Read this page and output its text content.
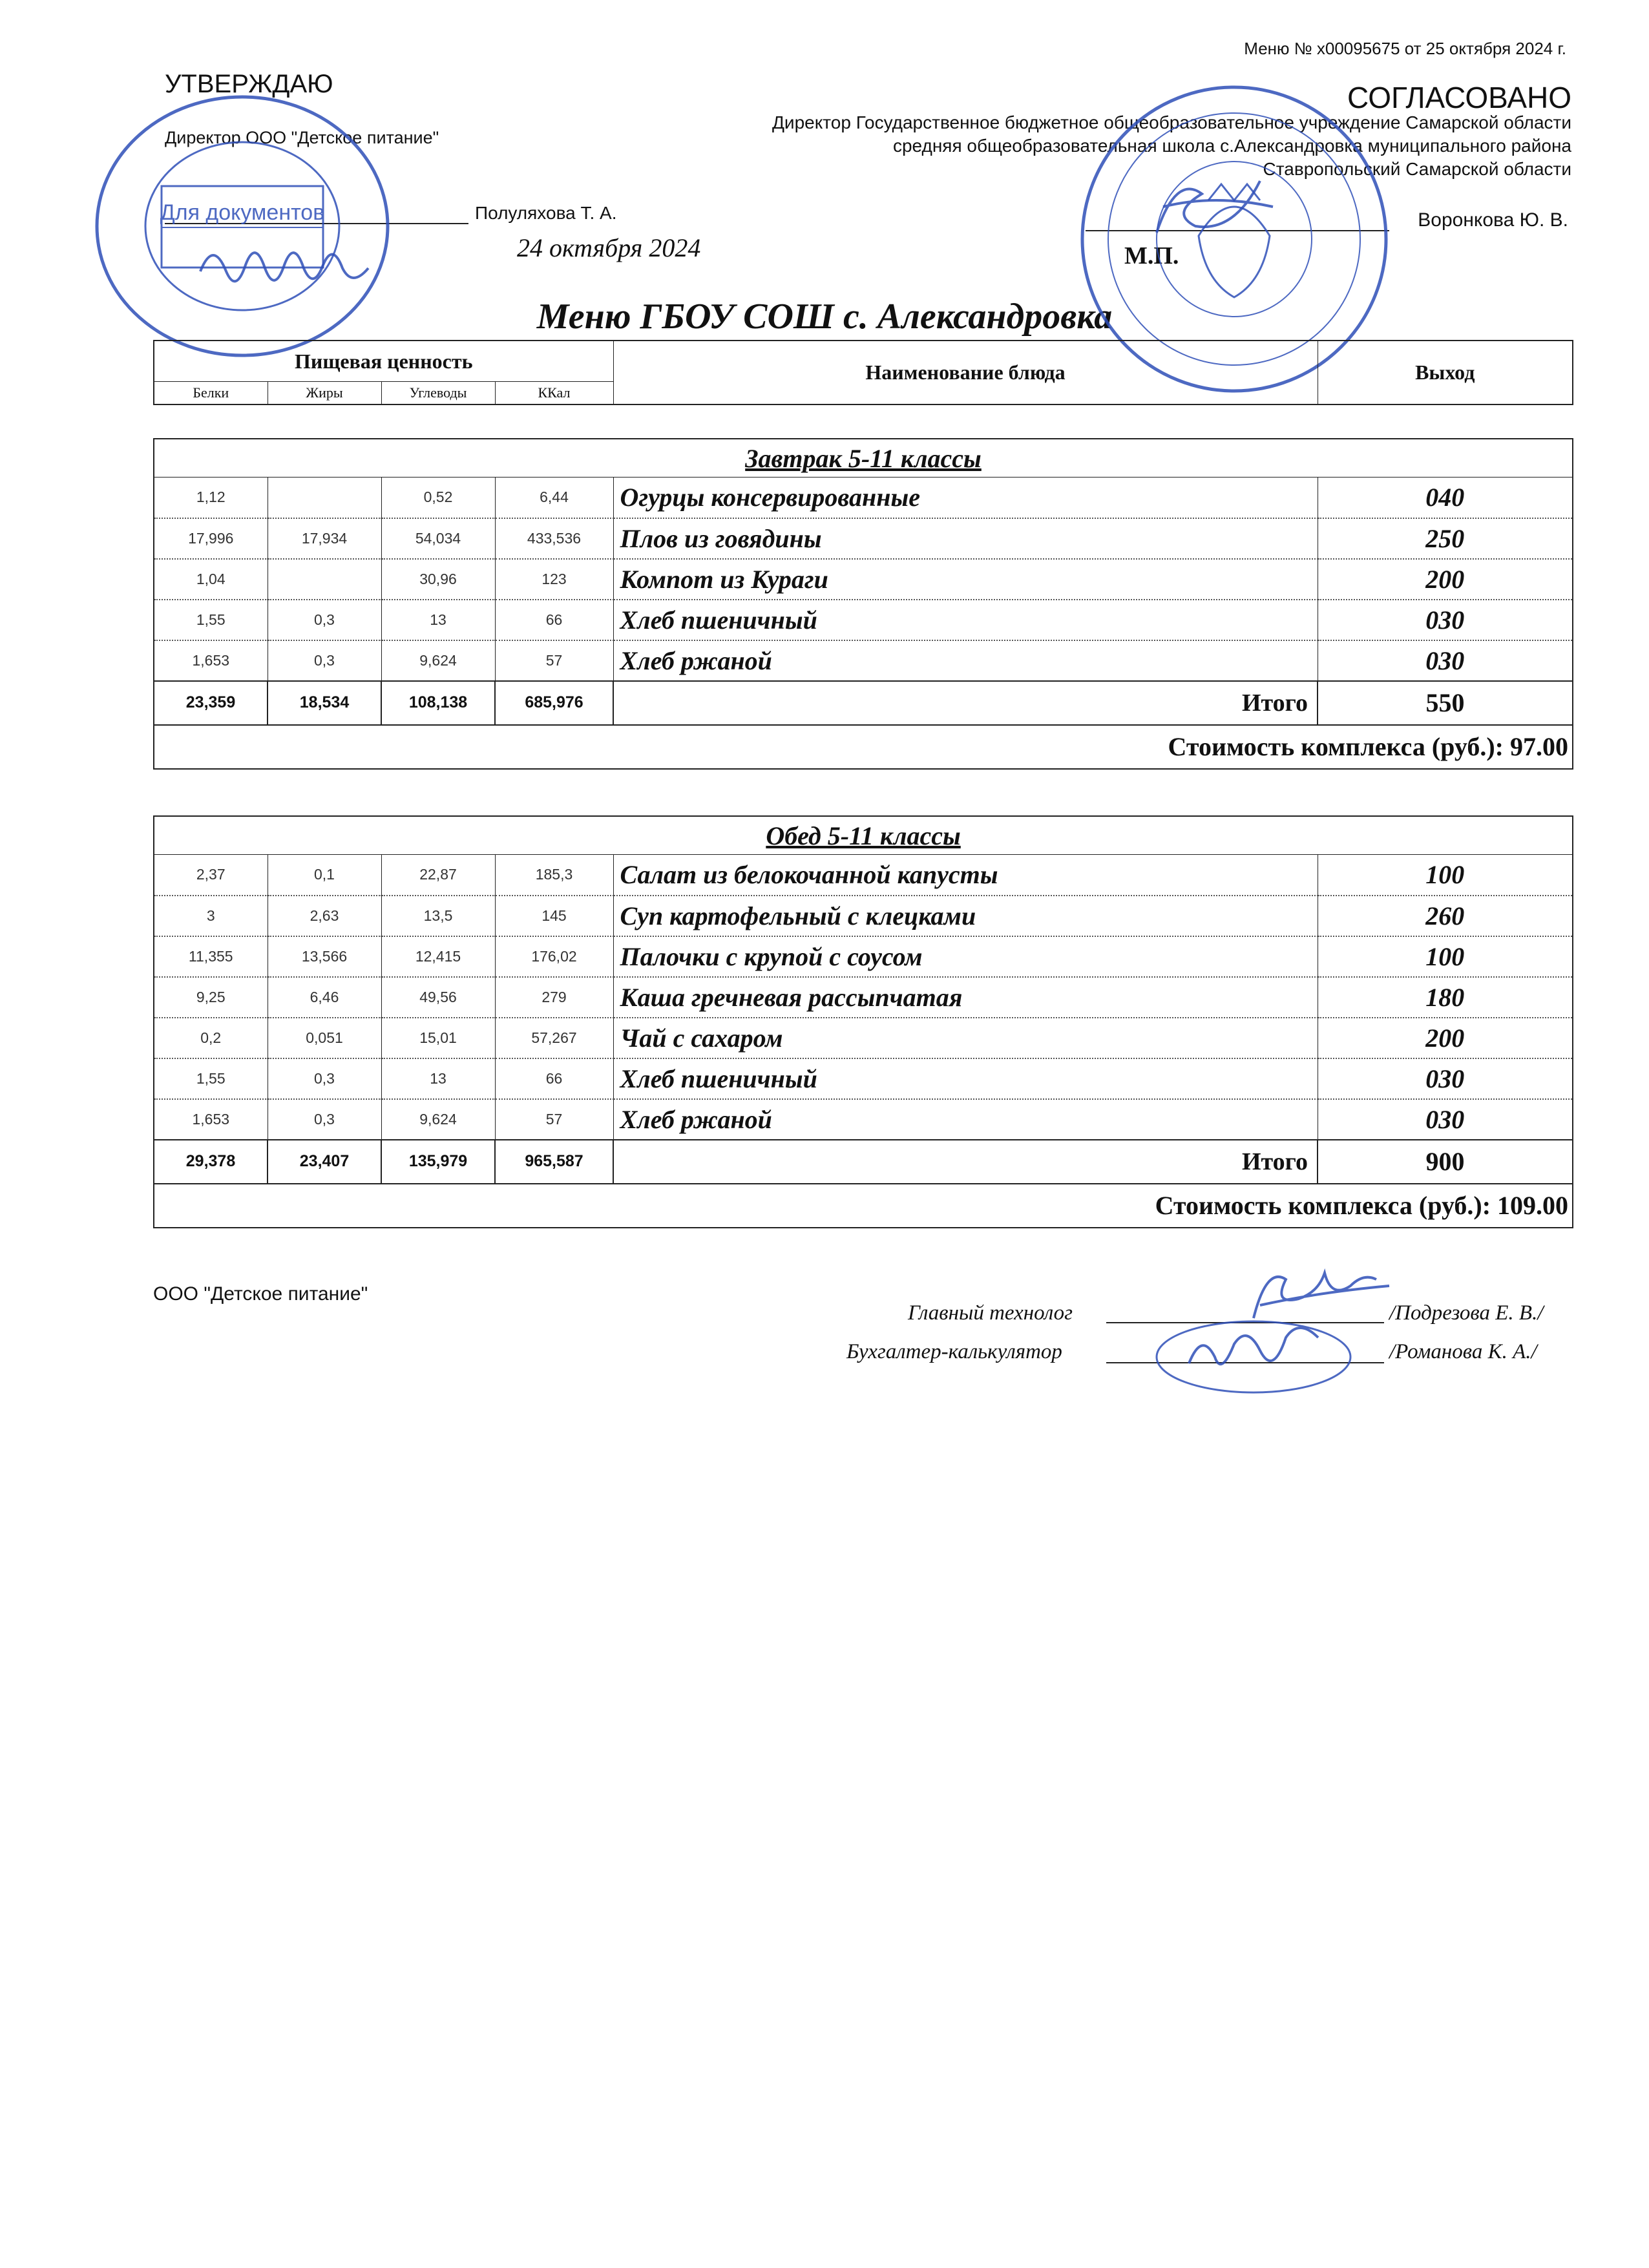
Меню № х00095675 от 25 октября 2024 г.
УТВЕРЖДАЮ
Директор ООО "Детское питание"
Полуляхова Т. А.
24 октября 2024
СОГЛАСОВАНО
Директор Государственное бюджетное общеобразовательное учреждение Самарской области средняя общеобразовательная школа с.Александровка муниципального района Ставропольский Самарской области
Воронкова Ю. В.
М.П.
Меню ГБОУ СОШ с. Александровка
Для документов
Пищевая ценность				Наименование блюда	Выход
Белки	Жиры	Углеводы	ККал		
Завтрак 5-11 классы					
1,12		0,52	6,44	Огурцы консервированные	040
17,996	17,934	54,034	433,536	Плов из говядины	250
1,04		30,96	123	Компот из Кураги	200
1,55	0,3	13	66	Хлеб пшеничный	030
1,653	0,3	9,624	57	Хлеб ржаной	030
23,359	18,534	108,138	685,976	Итого	550
Стоимость комплекса (руб.): 97.00					
Обед 5-11 классы					
2,37	0,1	22,87	185,3	Салат из белокочанной капусты	100
3	2,63	13,5	145	Суп картофельный с клецками	260
11,355	13,566	12,415	176,02	Палочки с крупой с соусом	100
9,25	6,46	49,56	279	Каша гречневая рассыпчатая	180
0,2	0,051	15,01	57,267	Чай с сахаром	200
1,55	0,3	13	66	Хлеб пшеничный	030
1,653	0,3	9,624	57	Хлеб ржаной	030
29,378	23,407	135,979	965,587	Итого	900
Стоимость комплекса (руб.): 109.00					
ООО "Детское питание"
Главный технолог	/Подрезова Е. В./
Бухгалтер-калькулятор	/Романова К. А./
